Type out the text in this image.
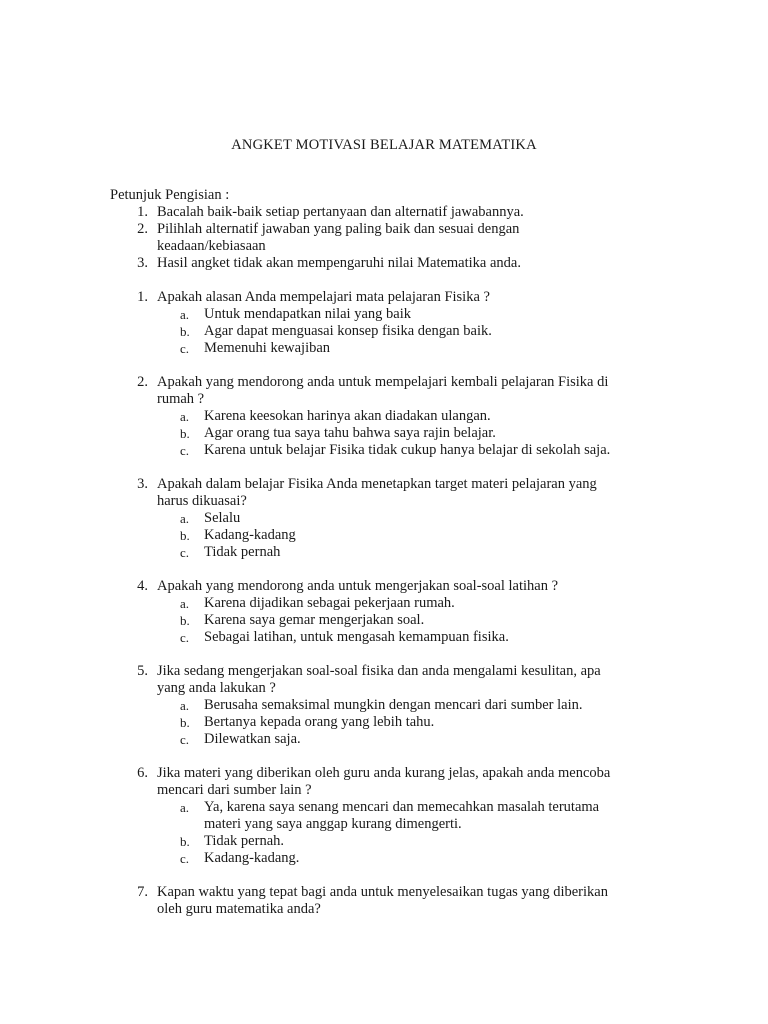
ANGKET MOTIVASI BELAJAR MATEMATIKA
Petunjuk Pengisian :
1. Bacalah baik-baik setiap pertanyaan dan alternatif jawabannya.
2. Pilihlah alternatif jawaban yang paling baik dan sesuai dengan
keadaan/kebiasaan
3. Hasil angket tidak akan mempengaruhi nilai Matematika anda.
1. Apakah alasan Anda mempelajari mata pelajaran Fisika ?
a. Untuk mendapatkan nilai yang baik
b. Agar dapat menguasai konsep fisika dengan baik.
c. Memenuhi kewajiban
2. Apakah yang mendorong anda untuk mempelajari kembali pelajaran Fisika di
rumah ?
a. Karena keesokan harinya akan diadakan ulangan.
b. Agar orang tua saya tahu bahwa saya rajin belajar.
c. Karena untuk belajar Fisika tidak cukup hanya belajar di sekolah saja.
3. Apakah dalam belajar Fisika Anda menetapkan target materi pelajaran yang
harus dikuasai?
a. Selalu
b. Kadang-kadang
c. Tidak pernah
4. Apakah yang mendorong anda untuk mengerjakan soal-soal latihan ?
a. Karena dijadikan sebagai pekerjaan rumah.
b. Karena saya gemar mengerjakan soal.
c. Sebagai latihan, untuk mengasah kemampuan fisika.
5. Jika sedang mengerjakan soal-soal fisika dan anda mengalami kesulitan, apa
yang anda lakukan ?
a. Berusaha semaksimal mungkin dengan mencari dari sumber lain.
b. Bertanya kepada orang yang lebih tahu.
c. Dilewatkan saja.
6. Jika materi yang diberikan oleh guru anda kurang jelas, apakah anda mencoba
mencari dari sumber lain ?
a. Ya, karena saya senang mencari dan memecahkan masalah terutama
materi yang saya anggap kurang dimengerti.
b. Tidak pernah.
c. Kadang-kadang.
7. Kapan waktu yang tepat bagi anda untuk menyelesaikan tugas yang diberikan
oleh guru matematika anda?
